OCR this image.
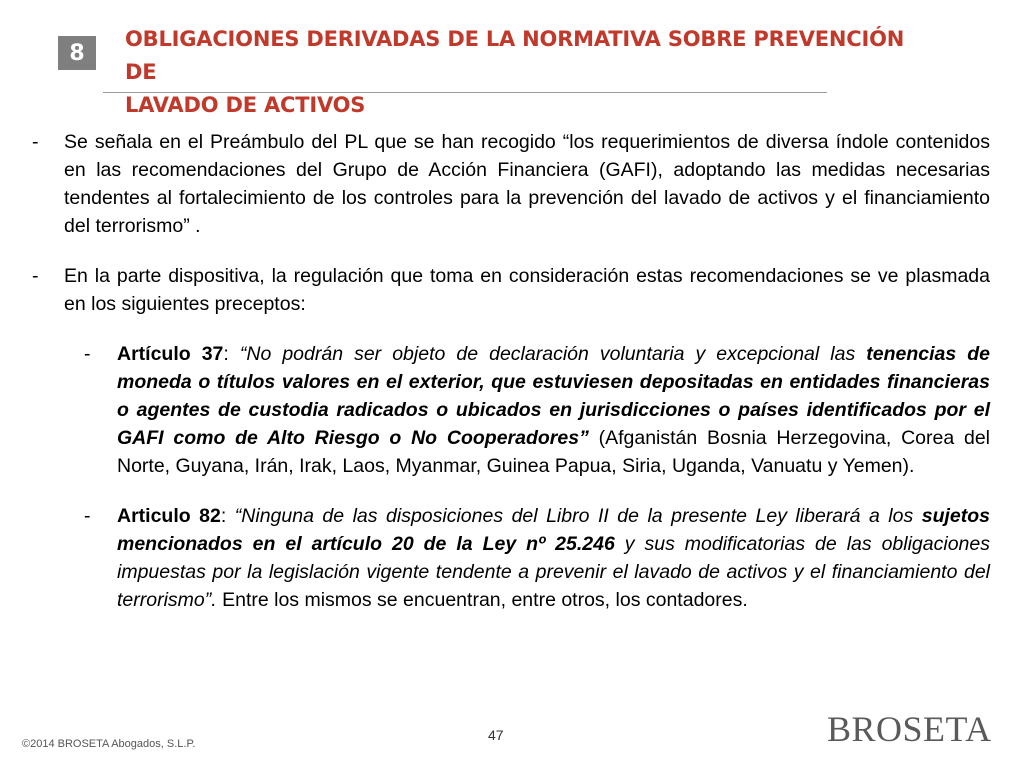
8
OBLIGACIONES DERIVADAS DE LA NORMATIVA SOBRE PREVENCIÓN DE
LAVADO DE ACTIVOS
-	Se señala en el Preámbulo del PL que se han recogido “los requerimientos de diversa índole contenidos en las recomendaciones del Grupo de Acción Financiera (GAFI), adoptando las medidas necesarias tendentes al fortalecimiento de los controles para la prevención del lavado de activos y el financiamiento del terrorismo” .
-	En la parte dispositiva, la regulación que toma en consideración estas recomendaciones se ve plasmada en los siguientes preceptos:
-	Artículo 37: “No podrán ser objeto de declaración voluntaria y excepcional las tenencias de moneda o títulos valores en el exterior, que estuviesen depositadas en entidades financieras o agentes de custodia radicados o ubicados en jurisdicciones o países identificados por el GAFI como de Alto Riesgo o No Cooperadores” (Afganistán Bosnia Herzegovina, Corea del Norte, Guyana, Irán, Irak, Laos, Myanmar, Guinea Papua, Siria, Uganda, Vanuatu y Yemen).
-	Articulo 82: “Ninguna de las disposiciones del Libro II de la presente Ley liberará a los sujetos mencionados en el artículo 20 de la Ley nº 25.246 y sus modificatorias de las obligaciones impuestas por la legislación vigente tendente a prevenir el lavado de activos y el financiamiento del terrorismo”. Entre los mismos se encuentran, entre otros, los contadores.
©2014 BROSETA Abogados, S.L.P.
47	BROSETA
